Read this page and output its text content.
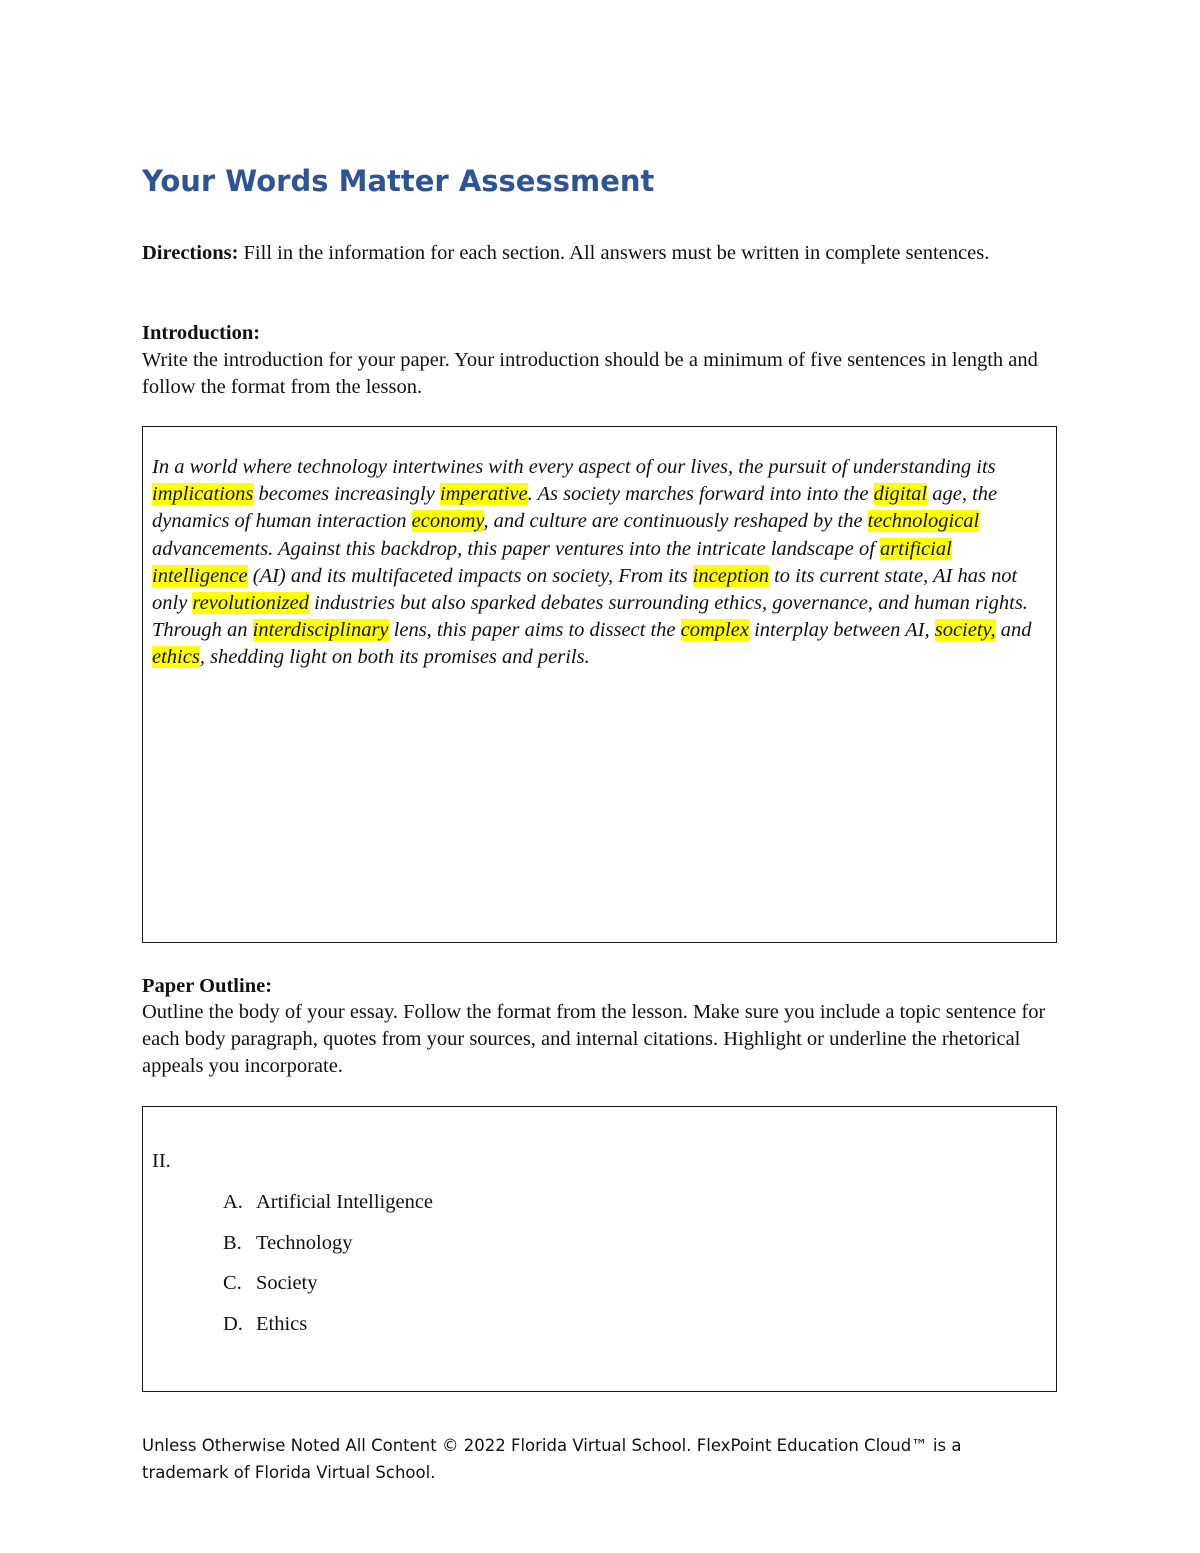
Your Words Matter Assessment

Directions: Fill in the information for each section. All answers must be written in complete sentences.

Introduction:

Write the introduction for your paper. Your introduction should be a minimum of five sentences in length and follow the format from the lesson.

In a world where technology intertwines with every aspect of our lives, the pursuit of understanding its implications becomes increasingly imperative. As society marches forward into into the digital age, the dynamics of human interaction economy, and culture are continuously reshaped by the technological advancements. Against this backdrop, this paper ventures into the intricate landscape of artificial intelligence (AI) and its multifaceted impacts on society, From its inception to its current state, AI has not only revolutionized industries but also sparked debates surrounding ethics, governance, and human rights. Through an interdisciplinary lens, this paper aims to dissect the complex interplay between AI, society, and ethics, shedding light on both its promises and perils.

Paper Outline:

Outline the body of your essay. Follow the format from the lesson. Make sure you include a topic sentence for each body paragraph, quotes from your sources, and internal citations. Highlight or underline the rhetorical appeals you incorporate.

II.

A. Artificial Intelligence
B. Technology
C. Society
D. Ethics

Unless Otherwise Noted All Content © 2022 Florida Virtual School. FlexPoint Education Cloud™ is a trademark of Florida Virtual School.
